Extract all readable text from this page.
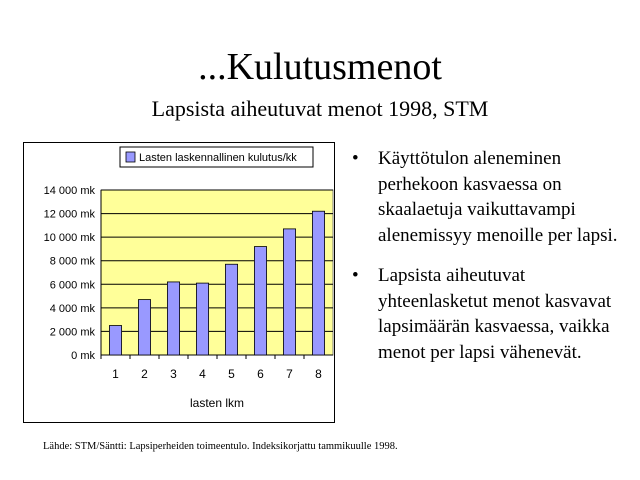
...Kulutusmenot
Lapsista aiheutuvat menot 1998, STM
0 mk
2 000 mk
4 000 mk
6 000 mk
8 000 mk
10 000 mk
12 000 mk
14 000 mk
1 2 3 4 5 6 7 8
lasten lkm
Lasten laskennallinen kulutus/kk	• Käyttötulon aleneminen perhekoon kasvaessa on skaalaetuja vaikuttavampi alenemissyy menoille per lapsi.
• Lapsista aiheutuvat yhteenlasketut menot kasvavat lapsimäärän kasvaessa, vaikka menot per lapsi vähenevät.
Lähde: STM/Säntti: Lapsiperheiden toimeentulo. Indeksikorjattu tammikuulle 1998.
